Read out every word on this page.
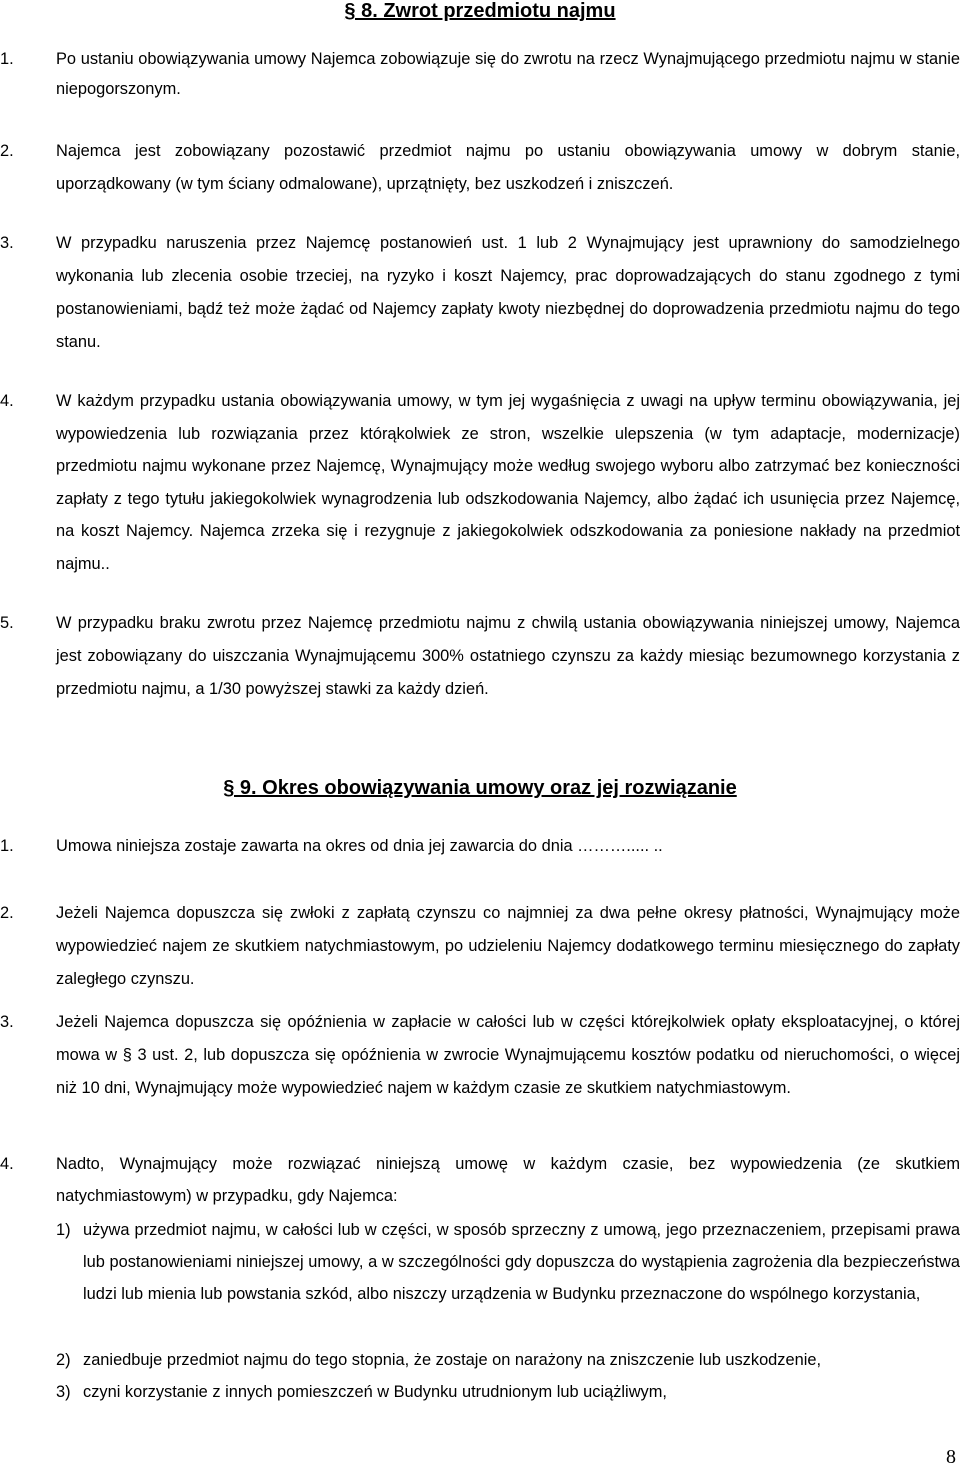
§ 8. Zwrot przedmiotu najmu
1.	Po ustaniu obowiązywania umowy Najemca zobowiązuje się do zwrotu na rzecz Wynajmującego przedmiotu najmu w stanie niepogorszonym.
2.	Najemca jest zobowiązany pozostawić przedmiot najmu po ustaniu obowiązywania umowy w dobrym stanie, uporządkowany (w tym ściany odmalowane), uprzątnięty, bez uszkodzeń i zniszczeń.
3.	W przypadku naruszenia przez Najemcę postanowień ust. 1 lub 2 Wynajmujący jest uprawniony do samodzielnego wykonania lub zlecenia osobie trzeciej, na ryzyko i koszt Najemcy, prac doprowadzających do stanu zgodnego z tymi postanowieniami, bądź też może żądać od Najemcy zapłaty kwoty niezbędnej do doprowadzenia przedmiotu najmu do tego stanu.
4.	W każdym przypadku ustania obowiązywania umowy, w tym jej wygaśnięcia z uwagi na upływ terminu obowiązywania, jej wypowiedzenia lub rozwiązania przez którąkolwiek ze stron, wszelkie ulepszenia (w tym adaptacje, modernizacje) przedmiotu najmu wykonane przez Najemcę, Wynajmujący może według swojego wyboru albo zatrzymać bez konieczności zapłaty z tego tytułu jakiegokolwiek wynagrodzenia lub odszkodowania Najemcy, albo żądać ich usunięcia przez Najemcę, na koszt Najemcy. Najemca zrzeka się i rezygnuje z jakiegokolwiek odszkodowania za poniesione nakłady na przedmiot najmu..
5.	W przypadku braku zwrotu przez Najemcę przedmiotu najmu z chwilą ustania obowiązywania niniejszej umowy, Najemca jest zobowiązany do uiszczania Wynajmującemu 300% ostatniego czynszu za każdy miesiąc bezumownego korzystania z przedmiotu najmu, a 1/30 powyższej stawki za każdy dzień.
§ 9. Okres obowiązywania umowy oraz jej rozwiązanie
1.	Umowa niniejsza zostaje zawarta na okres od dnia jej zawarcia do dnia ………..... ..
2.	Jeżeli Najemca dopuszcza się zwłoki z zapłatą czynszu co najmniej za dwa pełne okresy płatności, Wynajmujący może wypowiedzieć najem ze skutkiem natychmiastowym, po udzieleniu Najemcy dodatkowego terminu miesięcznego do zapłaty zaległego czynszu.
3.	Jeżeli Najemca dopuszcza się opóźnienia w zapłacie w całości lub w części którejkolwiek opłaty eksploatacyjnej, o której mowa w § 3 ust. 2, lub dopuszcza się opóźnienia w zwrocie Wynajmującemu kosztów podatku od nieruchomości, o więcej niż 10 dni, Wynajmujący może wypowiedzieć najem w każdym czasie ze skutkiem natychmiastowym.
4.	Nadto, Wynajmujący może rozwiązać niniejszą umowę w każdym czasie, bez wypowiedzenia (ze skutkiem natychmiastowym) w przypadku, gdy Najemca:
1) używa przedmiot najmu, w całości lub w części, w sposób sprzeczny z umową, jego przeznaczeniem, przepisami prawa lub postanowieniami niniejszej umowy, a w szczególności gdy dopuszcza do wystąpienia zagrożenia dla bezpieczeństwa ludzi lub mienia lub powstania szkód, albo niszczy urządzenia w Budynku przeznaczone do wspólnego korzystania,
2) zaniedbuje przedmiot najmu do tego stopnia, że zostaje on narażony na zniszczenie lub uszkodzenie,
3) czyni korzystanie z innych pomieszczeń w Budynku utrudnionym lub uciążliwym,
8
